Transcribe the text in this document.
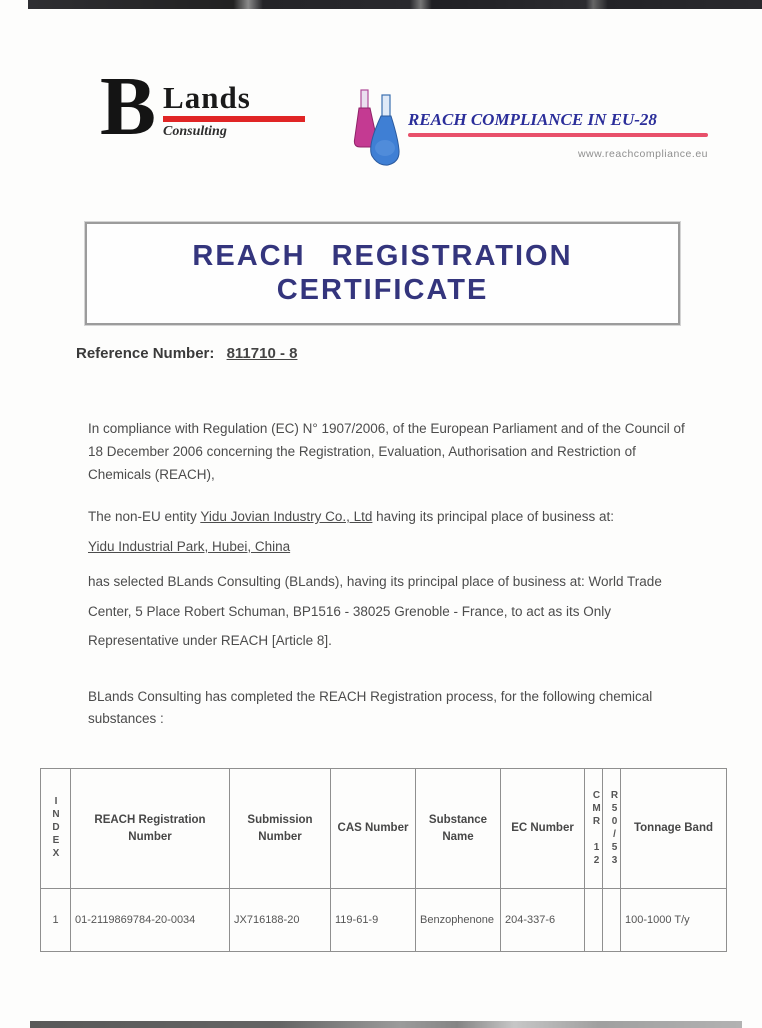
B Lands
Consulting
REACH COMPLIANCE IN EU-28
www.reachcompliance.eu
REACH REGISTRATION
CERTIFICATE
Reference Number: 811710 - 8

In compliance with Regulation (EC) N° 1907/2006, of the European Parliament and of the Council of 18 December 2006 concerning the Registration, Evaluation, Authorisation and Restriction of Chemicals (REACH),

The non-EU entity Yidu Jovian Industry Co., Ltd having its principal place of business at:
Yidu Industrial Park, Hubei, China

has selected BLands Consulting (BLands), having its principal place of business at: World Trade Center, 5 Place Robert Schuman, BP1516 - 38025 Grenoble - France, to act as its Only Representative under REACH [Article 8].

BLands Consulting has completed the REACH Registration process, for the following chemical substances :

INDEX	REACH Registration Number	Submission Number	CAS Number	Substance Name	EC Number	CMR 12	R50/53	Tonnage Band
1	01-2119869784-20-0034	JX716188-20	119-61-9	Benzophenone	204-337-6			100-1000 T/y
